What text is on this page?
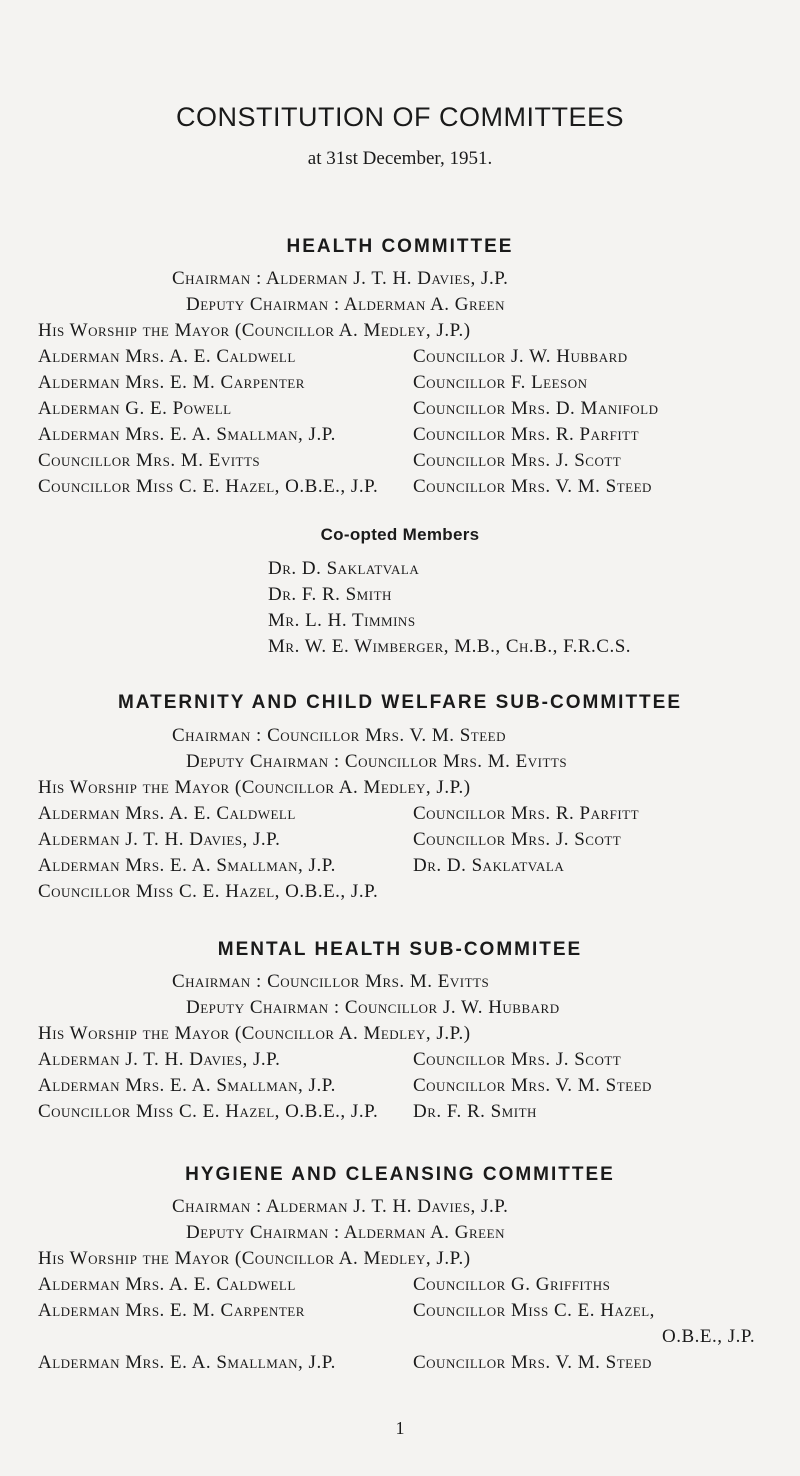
CONSTITUTION OF COMMITTEES
at 31st December, 1951.
HEALTH COMMITTEE
Chairman : Alderman J. T. H. Davies, J.P.
Deputy Chairman : Alderman A. Green
His Worship the Mayor (Councillor A. Medley, J.P.)
Alderman Mrs. A. E. Caldwell
Alderman Mrs. E. M. Carpenter
Alderman G. E. Powell
Alderman Mrs. E. A. Smallman, J.P.
Councillor Mrs. M. Evitts
Councillor Miss C. E. Hazel, O.B.E., J.P.
Councillor J. W. Hubbard
Councillor F. Leeson
Councillor Mrs. D. Manifold
Councillor Mrs. R. Parfitt
Councillor Mrs. J. Scott
Councillor Mrs. V. M. Steed
Co-opted Members
Dr. D. Saklatvala
Dr. F. R. Smith
Mr. L. H. Timmins
Mr. W. E. Wimberger, M.B., Ch.B., F.R.C.S.
MATERNITY AND CHILD WELFARE SUB-COMMITTEE
Chairman : Councillor Mrs. V. M. Steed
Deputy Chairman : Councillor Mrs. M. Evitts
His Worship the Mayor (Councillor A. Medley, J.P.)
Alderman Mrs. A. E. Caldwell
Alderman J. T. H. Davies, J.P.
Alderman Mrs. E. A. Smallman, J.P.
Councillor Miss C. E. Hazel, O.B.E., J.P.
Councillor Mrs. R. Parfitt
Councillor Mrs. J. Scott
Dr. D. Saklatvala
MENTAL HEALTH SUB-COMMITEE
Chairman : Councillor Mrs. M. Evitts
Deputy Chairman : Councillor J. W. Hubbard
His Worship the Mayor (Councillor A. Medley, J.P.)
Alderman J. T. H. Davies, J.P.
Alderman Mrs. E. A. Smallman, J.P.
Councillor Miss C. E. Hazel, O.B.E., J.P.
Councillor Mrs. J. Scott
Councillor Mrs. V. M. Steed
Dr. F. R. Smith
HYGIENE AND CLEANSING COMMITTEE
Chairman : Alderman J. T. H. Davies, J.P.
Deputy Chairman : Alderman A. Green
His Worship the Mayor (Councillor A. Medley, J.P.)
Alderman Mrs. A. E. Caldwell
Alderman Mrs. E. M. Carpenter
Alderman Mrs. E. A. Smallman, J.P.
Councillor G. Griffiths
Councillor Miss C. E. Hazel,
O.B.E., J.P.
Councillor Mrs. V. M. Steed
1
